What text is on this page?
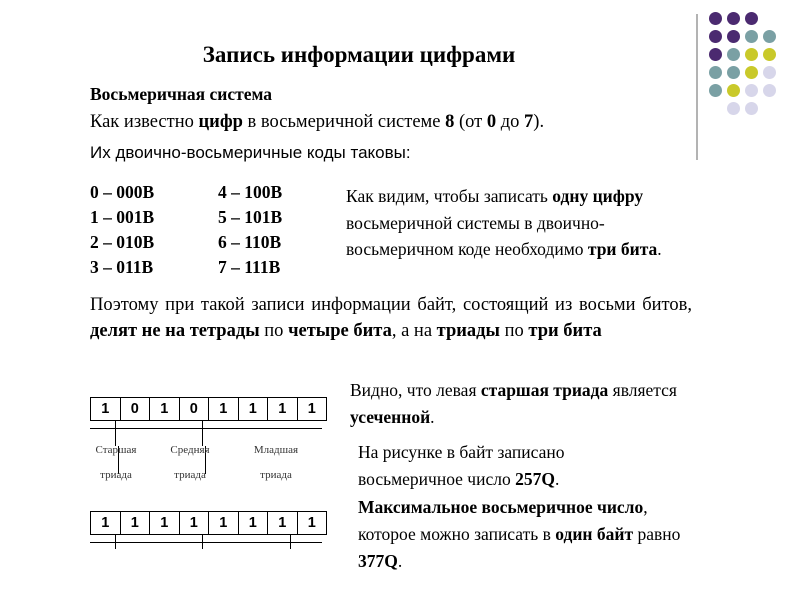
Запись информации цифрами
Восьмеричная система
Как известно цифр в восьмеричной системе 8 (от 0 до 7).
Их двоично-восьмеричные коды таковы:
0 – 000B	4 – 100B
1 – 001B	5 – 101B
2 – 010B	6 – 110B
3 – 011B	7 – 111B
Как видим, чтобы записать одну цифру восьмеричной системы в двоично-восьмеричном коде необходимо три бита.
Поэтому при такой записи информации байт, состоящий из восьми битов, делят не на тетрады по четыре бита, а на триады по три бита
1	0	1	0	1	1	1	1
Старшая
триада
Средняя
триада
Младшая
триада
1	1	1	1	1	1	1	1
Видно, что левая старшая триада является усеченной.
На рисунке в байт записано восьмеричное число 257Q.
Максимальное восьмеричное число, которое можно записать в один байт равно 377Q.
